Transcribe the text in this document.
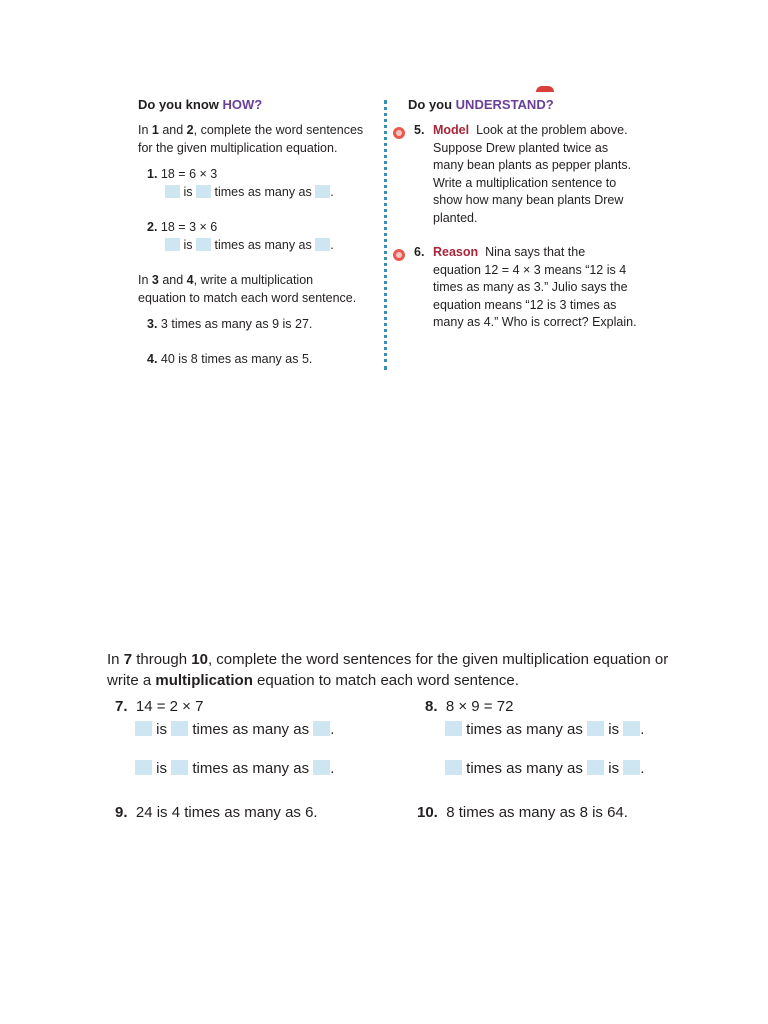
Do you know HOW?
In 1 and 2, complete the word sentences
for the given multiplication equation.
1. 18 = 6 × 3
is times as many as .
2. 18 = 3 × 6
is times as many as .
In 3 and 4, write a multiplication
equation to match each word sentence.
3. 3 times as many as 9 is 27.
4. 40 is 8 times as many as 5.
Do you UNDERSTAND?
5. Model Look at the problem above.
Suppose Drew planted twice as
many bean plants as pepper plants.
Write a multiplication sentence to
show how many bean plants Drew
planted.
6. Reason Nina says that the
equation 12 = 4 × 3 means “12 is 4
times as many as 3.” Julio says the
equation means “12 is 3 times as
many as 4.” Who is correct? Explain.
In 7 through 10, complete the word sentences for the given multiplication equation or
write a multiplication equation to match each word sentence.
7. 14 = 2 × 7
is times as many as .
is times as many as .
8. 8 × 9 = 72
times as many as is .
times as many as is .
9. 24 is 4 times as many as 6.	10. 8 times as many as 8 is 64.
